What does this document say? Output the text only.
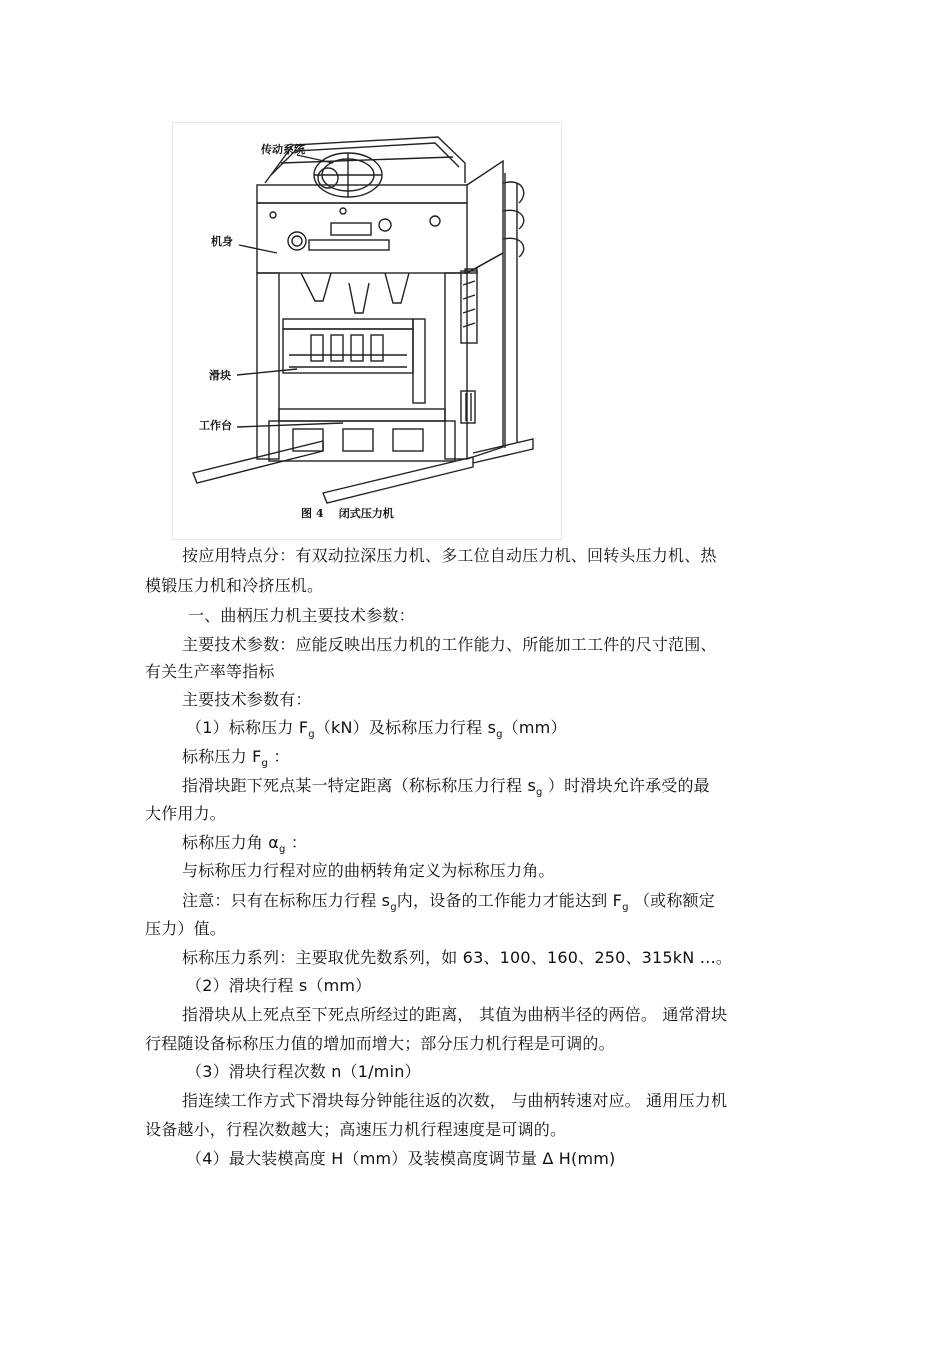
传动系统
机身
滑块
工作台
图 4    闭式压力机
按应用特点分：有双动拉深压力机、多工位自动压力机、回转头压力机、热
模锻压力机和冷挤压机。
一、曲柄压力机主要技术参数：
主要技术参数：应能反映出压力机的工作能力、所能加工工件的尺寸范围、
有关生产率等指标
主要技术参数有：
（1）标称压力 $F_g(kN)$及标称压力行程 $s_g(mm)$
标称压力 $F_g$ ：
指滑块距下死点某一特定距离（称标称压力行程 $s_g$ ）时滑块允许承受的最
大作用力。
标称压力角 $\alpha_g$ ：
与标称压力行程对应的曲柄转角定义为标称压力角。
注意：只有在标称压力行程 $s_g$内，设备的工作能力才能达到 $F_g$ （或称额定
压力）值。
标称压力系列：主要取优先数系列，如 63、100、160、250、315kN …。
（2）滑块行程 s（mm）
指滑块从上死点至下死点所经过的距离， 其值为曲柄半径的两倍。 通常滑块
行程随设备标称压力值的增加而增大；部分压力机行程是可调的。
（3）滑块行程次数 n（1/min）
指连续工作方式下滑块每分钟能往返的次数， 与曲柄转速对应。 通用压力机
设备越小，行程次数越大；高速压力机行程速度是可调的。
（4）最大装模高度 H（mm）及装模高度调节量 Δ H(mm)
